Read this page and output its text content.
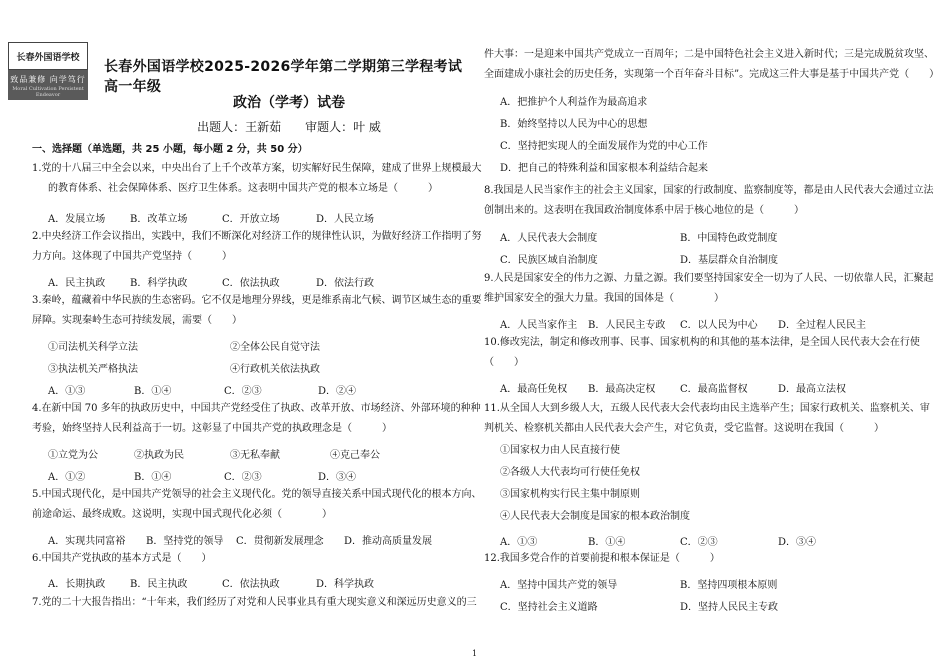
长春外国语学校
致品兼修 向学笃行
Moral Cultivation Persistent Endeavor
长春外国语学校2025-2026学年第二学期第三学程考试高一年级
政治（学考）试卷
出题人：王新茹　　审题人：叶 威
一、选择题（单选题，共 25 小题，每小题 2 分，共 50 分）
1.党的十八届三中全会以来，中央出台了上千个改革方案，切实解好民生保障，建成了世界上规模最大
的教育体系、社会保障体系、医疗卫生体系。这表明中国共产党的根本立场是（　　　）
A．发展立场	B．改革立场	C．开放立场	D．人民立场
2.中央经济工作会议指出，实践中，我们不断深化对经济工作的规律性认识，为做好经济工作指明了努
力方向。这体现了中国共产党坚持（　　　）
A．民主执政	B．科学执政	C．依法执政	D．依法行政
3.秦岭，蕴藏着中华民族的生态密码。它不仅是地理分界线，更是维系南北气候、调节区域生态的重要
屏障。实现秦岭生态可持续发展，需要（　　）
①司法机关科学立法	②全体公民自觉守法
③执法机关严格执法	④行政机关依法执政
A．①③	B．①④	C．②③	D．②④
4.在新中国 70 多年的执政历史中，中国共产党经受住了执政、改革开放、市场经济、外部环境的种种
考验，始终坚持人民利益高于一切。这彰显了中国共产党的执政理念是（　　　）
①立党为公	②执政为民	③无私奉献	④克己奉公
A．①②	B．①④	C．②③	D．③④
5.中国式现代化，是中国共产党领导的社会主义现代化。党的领导直接关系中国式现代化的根本方向、
前途命运、最终成败。这说明，实现中国式现代化必须（　　　　）
A．实现共同富裕	B．坚持党的领导	C．贯彻新发展理念	D．推动高质量发展
6.中国共产党执政的基本方式是（　　）
A．长期执政	B．民主执政	C．依法执政	D．科学执政
7.党的二十大报告指出：“十年来，我们经历了对党和人民事业具有重大现实意义和深远历史意义的三
件大事：一是迎来中国共产党成立一百周年；二是中国特色社会主义进入新时代；三是完成脱贫攻坚、
全面建成小康社会的历史任务，实现第一个百年奋斗目标”。完成这三件大事是基于中国共产党（　　）
A．把推护个人利益作为最高追求
B．始终坚持以人民为中心的思想
C．坚持把实现人的全面发展作为党的中心工作
D．把自己的特殊利益和国家根本利益结合起来
8.我国是人民当家作主的社会主义国家，国家的行政制度、监察制度等，都是由人民代表大会通过立法
创制出来的。这表明在我国政治制度体系中居于核心地位的是（　　　）
A．人民代表大会制度	B．中国特色政党制度
C．民族区域自治制度	D．基层群众自治制度
9.人民是国家安全的伟力之源、力量之源。我们要坚持国家安全一切为了人民、一切依靠人民，汇聚起
维护国家安全的强大力量。我国的国体是（　　　　）
A．人民当家作主	B．人民民主专政	C．以人民为中心	D．全过程人民民主
10.修改宪法，制定和修改刑事、民事、国家机构的和其他的基本法律，是全国人民代表大会在行使
（　　）
A．最高任免权	B．最高决定权	C．最高监督权	D．最高立法权
11.从全国人大到乡级人大，五级人民代表大会代表均由民主选举产生；国家行政机关、监察机关、审
判机关、检察机关都由人民代表大会产生，对它负责，受它监督。这说明在我国（　　　）
①国家权力由人民直接行使
②各级人大代表均可行使任免权
③国家机构实行民主集中制原则
④人民代表大会制度是国家的根本政治制度
A．①③	B．①④	C．②③	D．③④
12.我国多党合作的首要前提和根本保证是（　　　）
A．坚持中国共产党的领导	B．坚持四项根本原则
C．坚持社会主义道路	D．坚持人民民主专政
1
